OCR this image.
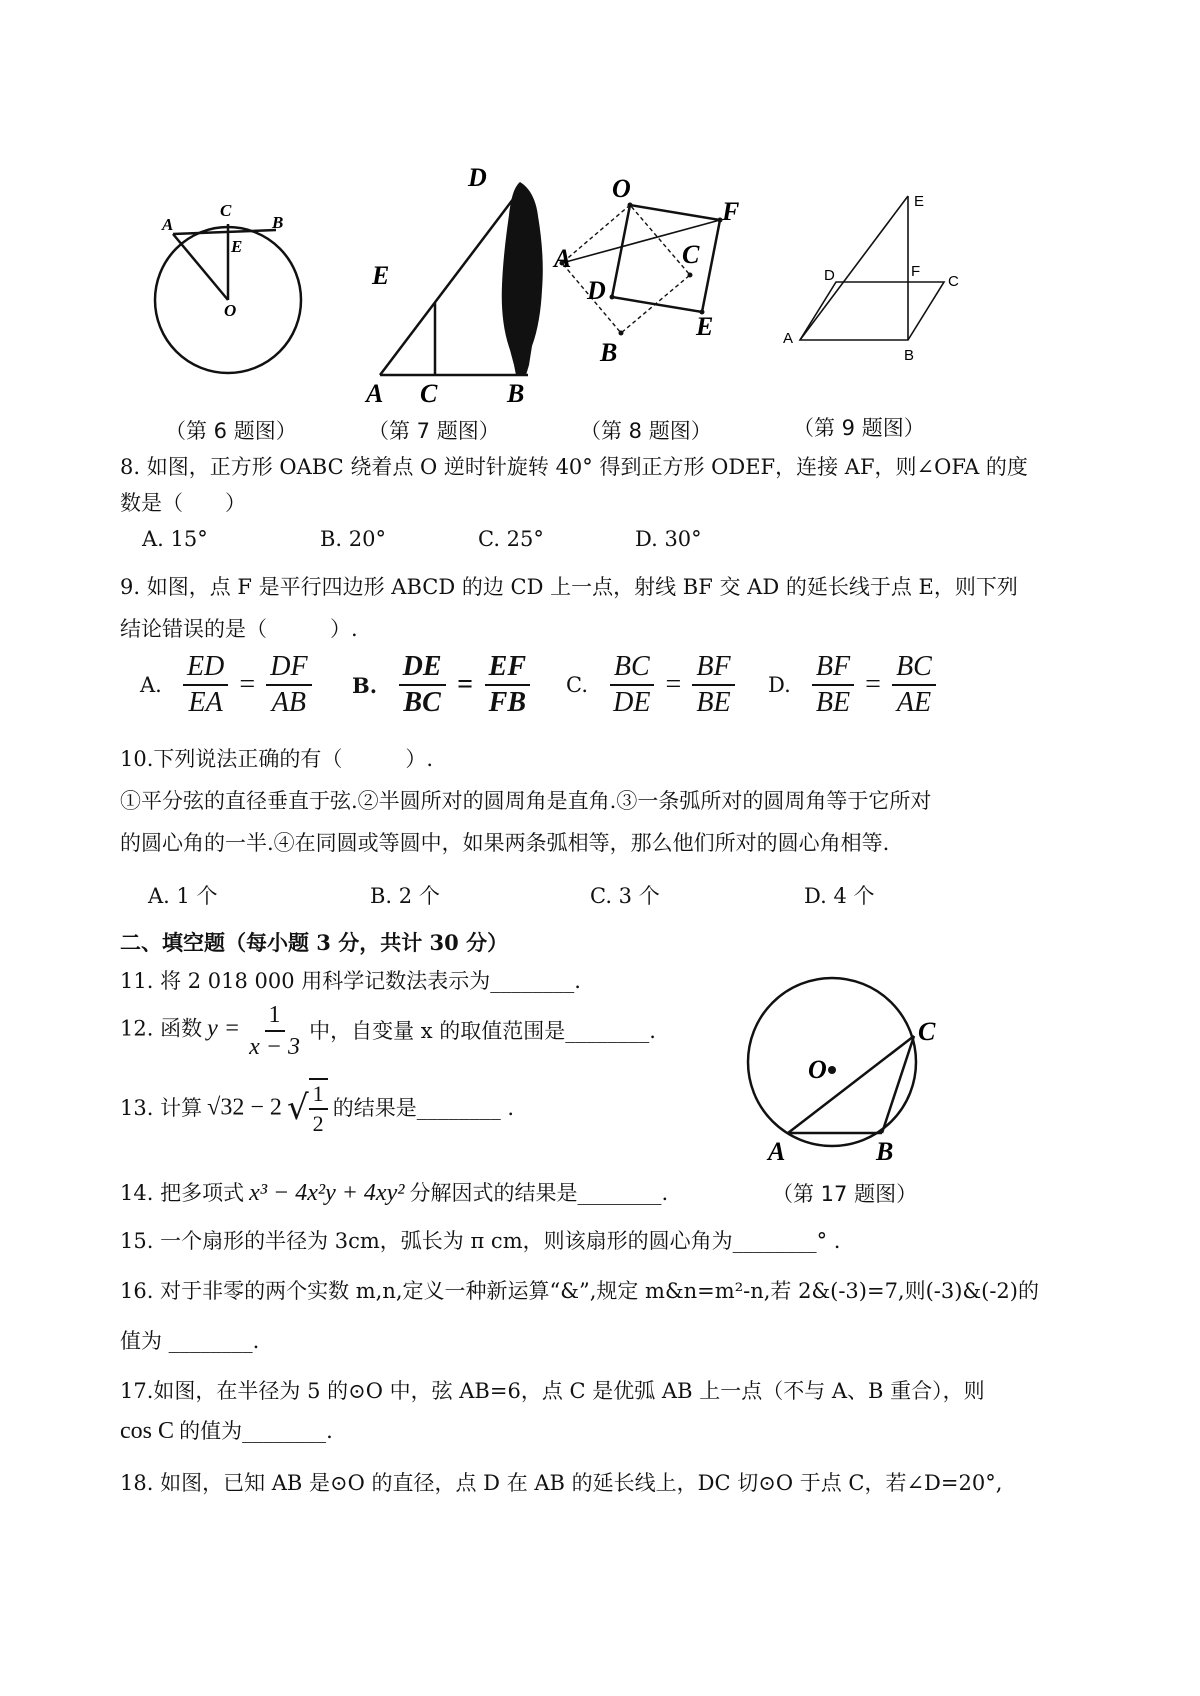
A
C
B
E
O
（第 6 题图）
A C	B
D
E
（第 7 题图）
O
F
A	C
D
E
B
（第 8 题图）
E
D	F
C
A
B
（第 9 题图）
8. 如图，正方形 OABC 绕着点 O 逆时针旋转 40° 得到正方形 ODEF，连接 AF，则∠OFA 的度
数是（　　）
A. 15°	B. 20°	C. 25°	D. 30°
9. 如图，点 F 是平行四边形 ABCD 的边 CD 上一点，射线 BF 交 AD 的延长线于点 E，则下列
结论错误的是（　　　）.
A. $\frac{ED}{EA} = \frac{DF}{AB} B$. $\frac{DE}{BC} = \frac{EF}{FB} C$. $\frac{BC}{DE} = \frac{BF}{BE} D$. $\frac{BF}{BE} = \frac{BC}{AE}$
10.下列说法正确的有（　　　）.
①平分弦的直径垂直于弦.②半圆所对的圆周角是直角.③一条弧所对的圆周角等于它所对
的圆心角的一半.④在同圆或等圆中，如果两条弧相等，那么他们所对的圆心角相等.
A. 1 个	B. 2 个	C. 3 个	D. 4 个
二、填空题（每小题 3 分，共计 30 分）
11. 将 2 018 000 用科学记数法表示为________.
12. 函数 $y = \frac{1}{x - 3}$ 中，自变量 x 的取值范围是________.
13. 计算 √32 − 2 √ $\frac{1}{2}$ 的结果是________ .
14. 把多项式 x³ − 4x²y + 4xy² 分解因式的结果是________.
15. 一个扇形的半径为 3cm，弧长为 π cm，则该扇形的圆心角为________° .
16. 对于非零的两个实数 m,n,定义一种新运算“&”,规定 m&n=m²-n,若 2&(-3)=7,则(-3)&(-2)的
值为 ________.
17.如图，在半径为 5 的⊙O 中，弦 AB=6，点 C 是优弧 AB 上一点（不与 A、B 重合），则
cos C 的值为________.
18. 如图，已知 AB 是⊙O 的直径，点 D 在 AB 的延长线上，DC 切⊙O 于点 C，若∠D=20°,
O
C
A	B
（第 17 题图）
